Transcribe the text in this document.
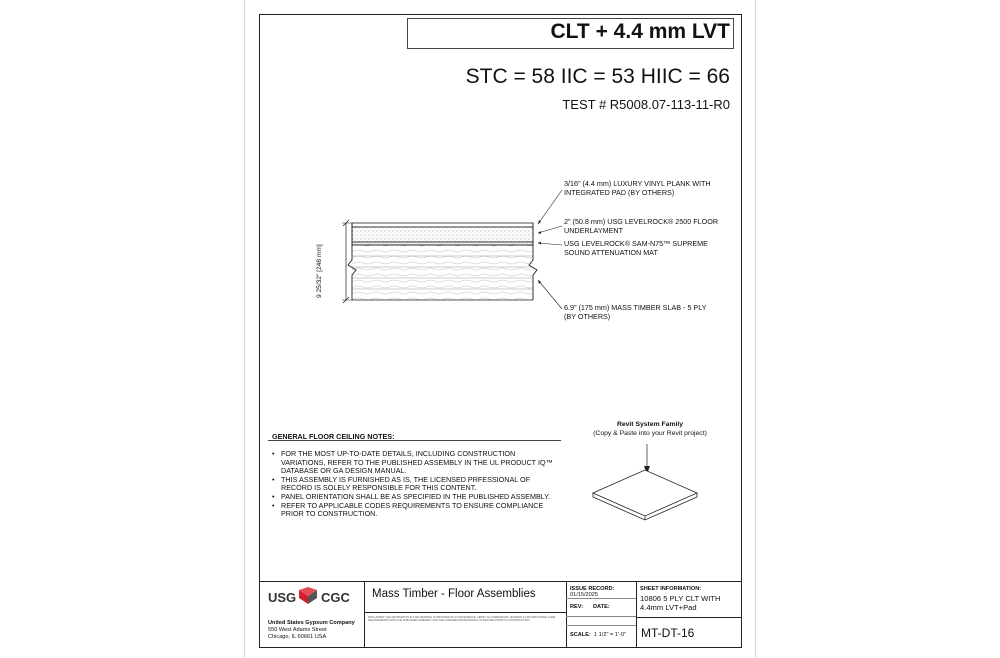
CLT + 4.4 mm LVT
STC = 58 IIC = 53 HIIC = 66
TEST # R5008.07-113-11-R0
9 25/32" [248 mm]
3/16" (4.4 mm) LUXURY VINYL PLANK WITH
INTEGRATED PAD (BY OTHERS)
2" (50.8 mm) USG LEVELROCK® 2500 FLOOR
UNDERLAYMENT
USG LEVELROCK® SAM-N75™ SUPREME
SOUND ATTENUATION MAT
6.9" (175 mm) MASS TIMBER SLAB - 5 PLY
(BY OTHERS)
GENERAL FLOOR CEILING NOTES:
• FOR THE MOST UP-TO-DATE DETAILS, INCLUDING CONSTRUCTION
VARIATIONS, REFER TO THE PUBLISHED ASSEMBLY IN THE UL PRODUCT IQ™
DATABASE OR GA DESIGN MANUAL.
• THIS ASSEMBLY IS FURNISHED AS IS, THE LICENSED PRFESSIONAL OF
RECORD IS SOLELY RESPONSIBLE FOR THIS CONTENT.
• PANEL ORIENTATION SHALL BE AS SPECIFIED IN THE PUBLISHED ASSEMBLY.
• REFER TO APPLICABLE CODES REQUIREMENTS TO ENSURE COMPLIANCE
PRIOR TO CONSTRUCTION.
Revit System Family
(Copy & Paste into your Revit project)
USG CGC
United States Gypsum Company
550 West Adams Street
Chicago, IL 60661 USA
Mass Timber - Floor Assemblies
DISCLAIMER: THE INFORMATION IN THIS DRAWING IS PROVIDED AS A CONVENIENCE. VERIFY ALL DIMENSIONS, MATERIALS AND APPLICABLE CODE REQUIREMENTS WITH THE PUBLISHED ASSEMBLY AND THE LICENSED PROFESSIONAL OF RECORD PRIOR TO CONSTRUCTION.
ISSUE RECORD:
01/15/2025
REV: DATE:
SCALE: 1 1/2" = 1'-0"
SHEET INFORMATION:
10806 5 PLY CLT WITH
4.4mm LVT+Pad
MT-DT-16
